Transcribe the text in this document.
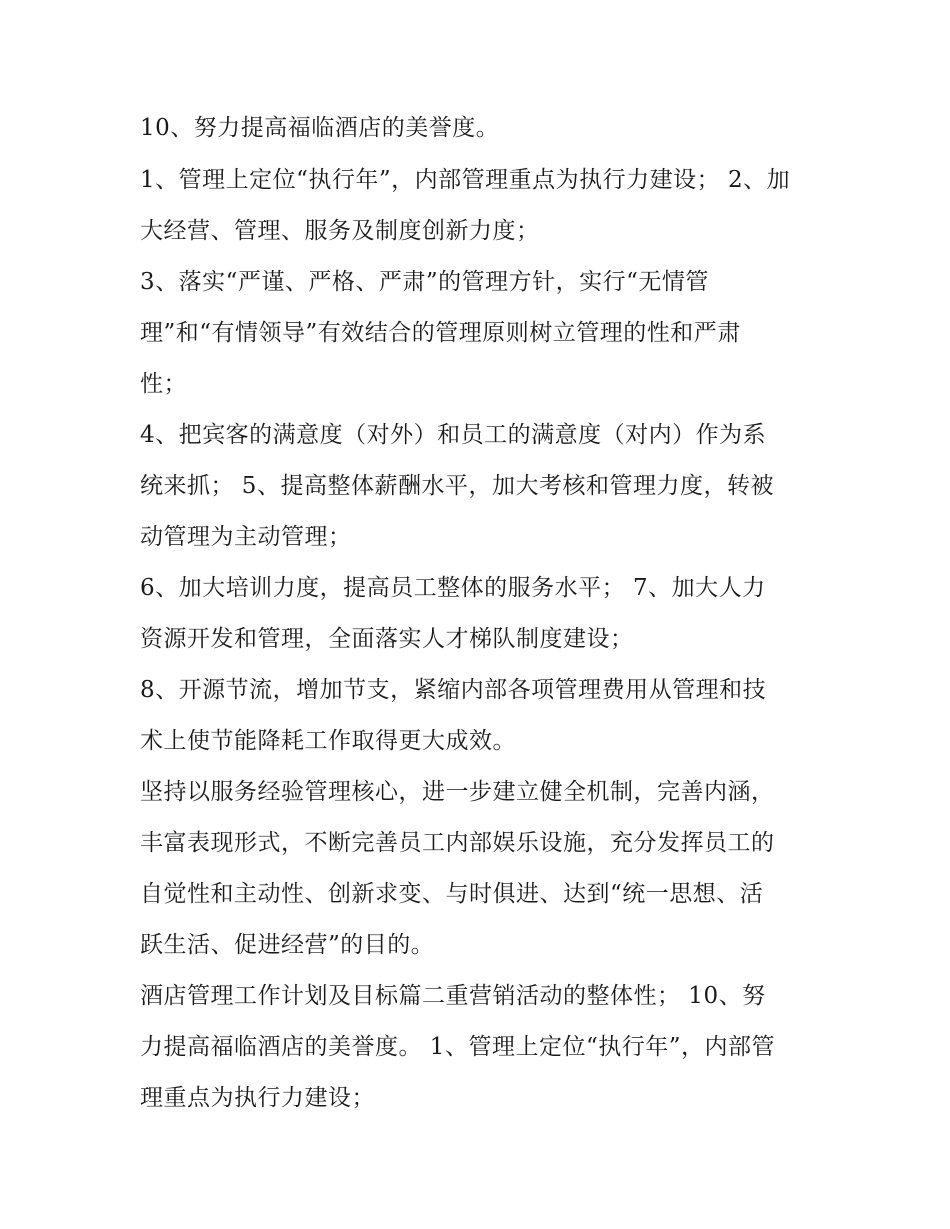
10、努力提高福临酒店的美誉度。
1、管理上定位“执行年”，内部管理重点为执行力建设； 2、加
大经营、管理、服务及制度创新力度；
3、落实“严谨、严格、严肃”的管理方针，实行“无情管
理”和“有情领导”有效结合的管理原则树立管理的性和严肃
性；
4、把宾客的满意度（对外）和员工的满意度（对内）作为系
统来抓； 5、提高整体薪酬水平，加大考核和管理力度，转被
动管理为主动管理；
6、加大培训力度，提高员工整体的服务水平； 7、加大人力
资源开发和管理，全面落实人才梯队制度建设；
8、开源节流，增加节支，紧缩内部各项管理费用从管理和技
术上使节能降耗工作取得更大成效。
坚持以服务经验管理核心，进一步建立健全机制，完善内涵，
丰富表现形式，不断完善员工内部娱乐设施，充分发挥员工的
自觉性和主动性、创新求变、与时俱进、达到“统一思想、活
跃生活、促进经营”的目的。
酒店管理工作计划及目标篇二重营销活动的整体性； 10、努
力提高福临酒店的美誉度。 1、管理上定位“执行年”，内部管
理重点为执行力建设；
